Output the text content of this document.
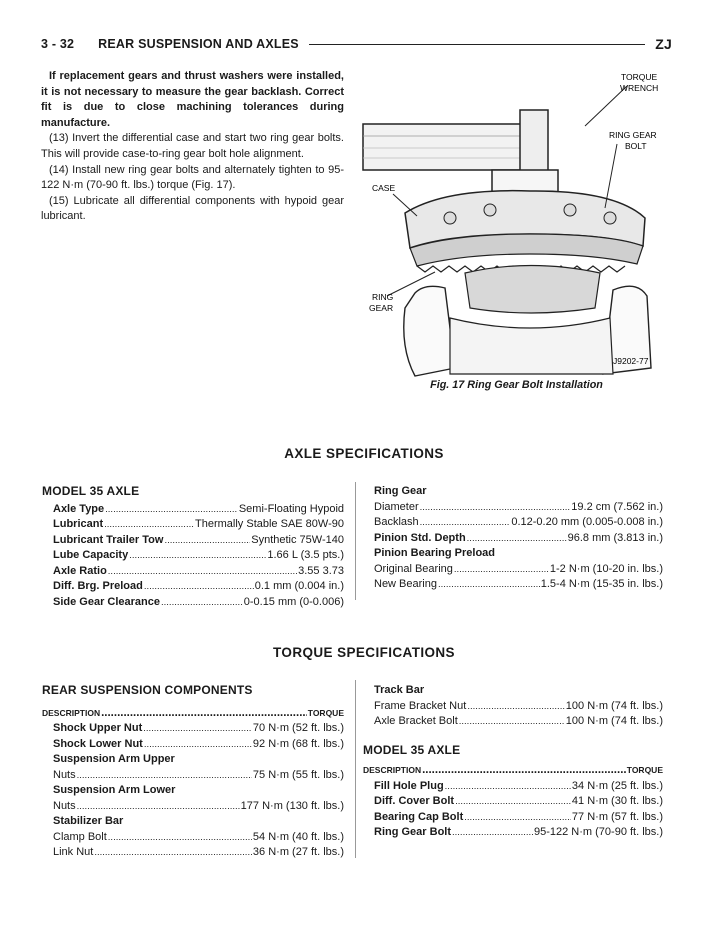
3 - 32 REAR SUSPENSION AND AXLES	ZJ

If replacement gears and thrust washers were installed, it is not necessary to measure the gear backlash. Correct fit is due to close machining tolerances during manufacture.

(13) Invert the differential case and start two ring gear bolts. This will provide case-to-ring gear bolt hole alignment.

(14) Install new ring gear bolts and alternately tighten to 95-122 N·m (70-90 ft. lbs.) torque (Fig. 17).

(15) Lubricate all differential components with hypoid gear lubricant.

TORQUE
WRENCH
RING GEAR
BOLT
CASE
RING
GEAR
J9202-77
Fig. 17 Ring Gear Bolt Installation
AXLE SPECIFICATIONS
MODEL 35 AXLE
Axle Type .....	Semi-Floating Hypoid
Lubricant .....	Thermally Stable SAE 80W-90
Lubricant Trailer Tow .....	Synthetic 75W-140
Lube Capacity .....	1.66 L (3.5 pts.)
Axle Ratio .....	3.55 3.73
Diff. Brg. Preload .....	0.1 mm (0.004 in.)
Side Gear Clearance .....	0-0.15 mm (0-0.006)
Ring Gear
Diameter .....	19.2 cm (7.562 in.)
Backlash .....	0.12-0.20 mm (0.005-0.008 in.)
Pinion Std. Depth .....	96.8 mm (3.813 in.)
Pinion Bearing Preload
Original Bearing .....	1-2 N·m (10-20 in. lbs.)
New Bearing .....	1.5-4 N·m (15-35 in. lbs.)
TORQUE SPECIFICATIONS
REAR SUSPENSION COMPONENTS
DESCRIPTION .....	TORQUE
Shock Upper Nut .....	70 N·m (52 ft. lbs.)
Shock Lower Nut .....	92 N·m (68 ft. lbs.)
Suspension Arm Upper
Nuts .....	75 N·m (55 ft. lbs.)
Suspension Arm Lower
Nuts .....	177 N·m (130 ft. lbs.)
Stabilizer Bar
Clamp Bolt .....	54 N·m (40 ft. lbs.)
Link Nut .....	36 N·m (27 ft. lbs.)
Track Bar
Frame Bracket Nut .....	100 N·m (74 ft. lbs.)
Axle Bracket Bolt .....	100 N·m (74 ft. lbs.)
MODEL 35 AXLE
DESCRIPTION .....	TORQUE
Fill Hole Plug .....	34 N·m (25 ft. lbs.)
Diff. Cover Bolt .....	41 N·m (30 ft. lbs.)
Bearing Cap Bolt .....	77 N·m (57 ft. lbs.)
Ring Gear Bolt .....	95-122 N·m (70-90 ft. lbs.)
